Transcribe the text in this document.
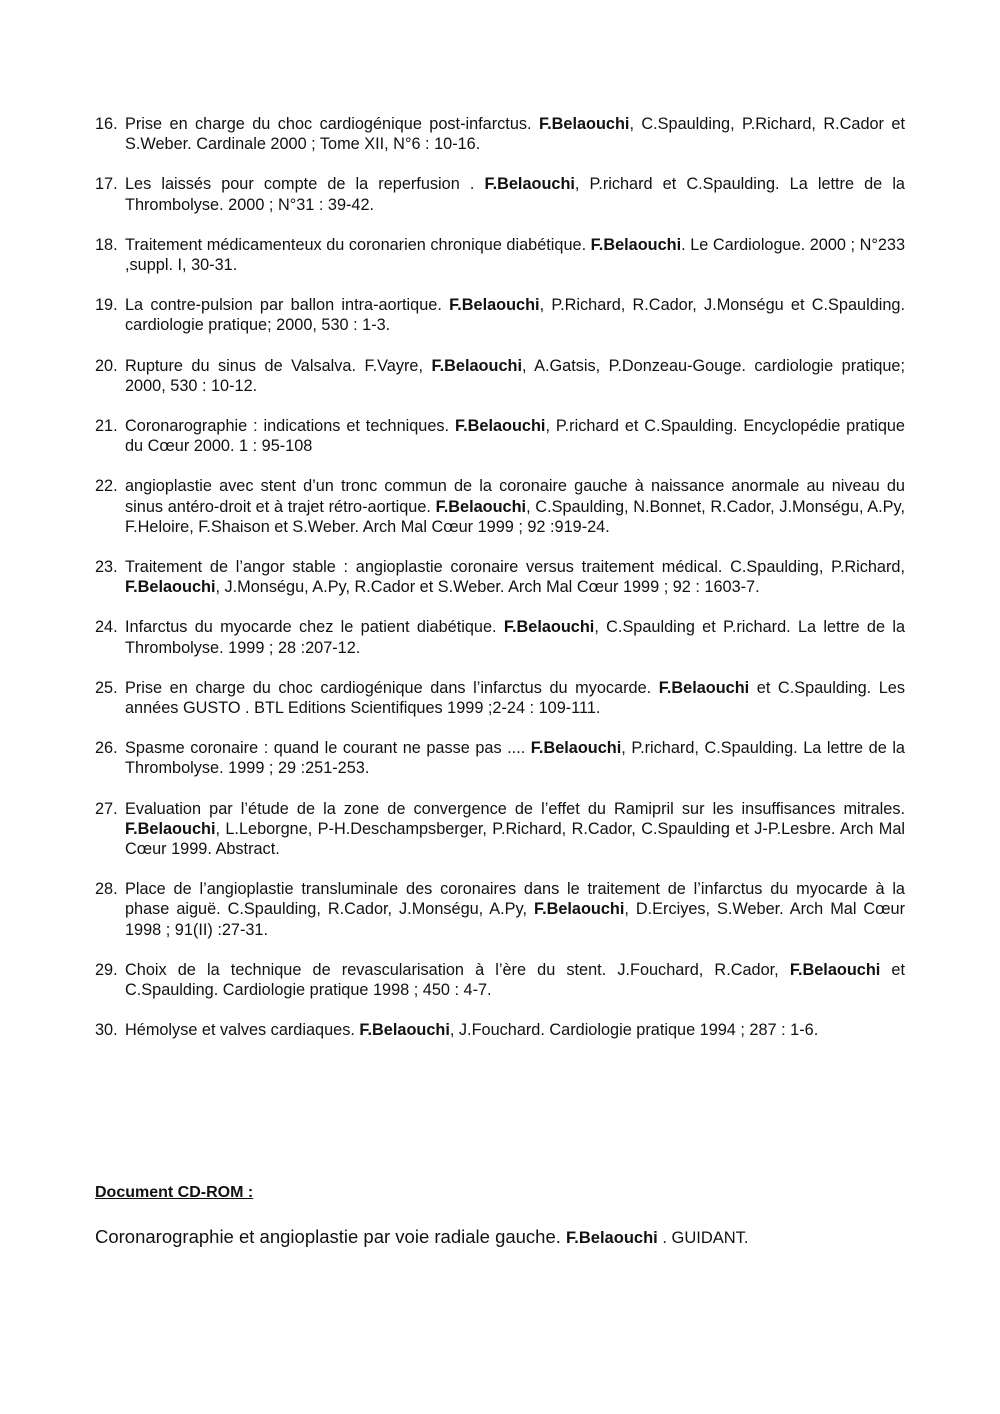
16. Prise en charge du choc cardiogénique post-infarctus. F.Belaouchi, C.Spaulding, P.Richard, R.Cador et S.Weber. Cardinale 2000 ; Tome XII, N°6 : 10-16.
17. Les laissés pour compte de la reperfusion . F.Belaouchi, P.richard et C.Spaulding. La lettre de la Thrombolyse. 2000 ; N°31 : 39-42.
18. Traitement médicamenteux du coronarien chronique diabétique. F.Belaouchi. Le Cardiologue. 2000 ; N°233 ,suppl. I, 30-31.
19. La contre-pulsion par ballon intra-aortique. F.Belaouchi, P.Richard, R.Cador, J.Monségu et C.Spaulding. cardiologie pratique; 2000, 530 : 1-3.
20. Rupture du sinus de Valsalva. F.Vayre, F.Belaouchi, A.Gatsis, P.Donzeau-Gouge. cardiologie pratique; 2000, 530 : 10-12.
21. Coronarographie : indications et techniques. F.Belaouchi, P.richard et C.Spaulding. Encyclopédie pratique du Cœur 2000. 1 : 95-108
22. angioplastie avec stent d’un tronc commun de la coronaire gauche à naissance anormale au niveau du sinus antéro-droit et à trajet rétro-aortique. F.Belaouchi, C.Spaulding, N.Bonnet, R.Cador, J.Monségu, A.Py, F.Heloire, F.Shaison et S.Weber. Arch Mal Cœur 1999 ; 92 :919-24.
23. Traitement de l’angor stable : angioplastie coronaire versus traitement médical. C.Spaulding, P.Richard, F.Belaouchi, J.Monségu, A.Py, R.Cador et S.Weber. Arch Mal Cœur 1999 ; 92 : 1603-7.
24. Infarctus du myocarde chez le patient diabétique. F.Belaouchi, C.Spaulding et P.richard. La lettre de la Thrombolyse. 1999 ; 28 :207-12.
25. Prise en charge du choc cardiogénique dans l’infarctus du myocarde. F.Belaouchi et C.Spaulding. Les années GUSTO . BTL Editions Scientifiques 1999 ;2-24 : 109-111.
26. Spasme coronaire : quand le courant ne passe pas .... F.Belaouchi, P.richard, C.Spaulding. La lettre de la Thrombolyse. 1999 ; 29 :251-253.
27. Evaluation par l’étude de la zone de convergence de l’effet du Ramipril sur les insuffisances mitrales. F.Belaouchi, L.Leborgne, P-H.Deschampsberger, P.Richard, R.Cador, C.Spaulding et J-P.Lesbre. Arch Mal Cœur 1999. Abstract.
28. Place de l’angioplastie transluminale des coronaires dans le traitement de l’infarctus du myocarde à la phase aiguë. C.Spaulding, R.Cador, J.Monségu, A.Py, F.Belaouchi, D.Erciyes, S.Weber. Arch Mal Cœur 1998 ; 91(II) :27-31.
29. Choix de la technique de revascularisation à l’ère du stent. J.Fouchard, R.Cador, F.Belaouchi et C.Spaulding. Cardiologie pratique 1998 ; 450 : 4-7.
30. Hémolyse et valves cardiaques. F.Belaouchi, J.Fouchard. Cardiologie pratique 1994 ; 287 : 1-6.

Document CD-ROM :

Coronarographie et angioplastie par voie radiale gauche. F.Belaouchi . GUIDANT.
